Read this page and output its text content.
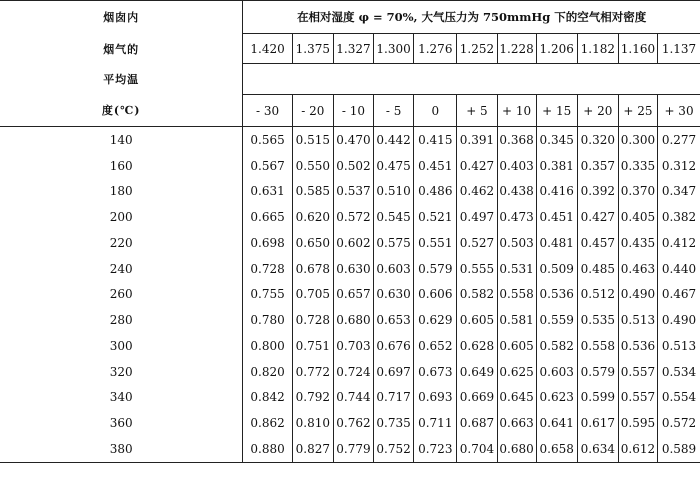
烟囱内	在相对湿度 φ = 70%, 大气压力为 750mmHg 下的空气相对密度										
烟气的	1.420	1.375	1.327	1.300	1.276	1.252	1.228	1.206	1.182	1.160	1.137
平均温											
度(℃)	- 30	- 20	- 10	- 5	0	+ 5	+ 10	+ 15	+ 20	+ 25	+ 30
140	0.565	0.515	0.470	0.442	0.415	0.391	0.368	0.345	0.320	0.300	0.277
160	0.567	0.550	0.502	0.475	0.451	0.427	0.403	0.381	0.357	0.335	0.312
180	0.631	0.585	0.537	0.510	0.486	0.462	0.438	0.416	0.392	0.370	0.347
200	0.665	0.620	0.572	0.545	0.521	0.497	0.473	0.451	0.427	0.405	0.382
220	0.698	0.650	0.602	0.575	0.551	0.527	0.503	0.481	0.457	0.435	0.412
240	0.728	0.678	0.630	0.603	0.579	0.555	0.531	0.509	0.485	0.463	0.440
260	0.755	0.705	0.657	0.630	0.606	0.582	0.558	0.536	0.512	0.490	0.467
280	0.780	0.728	0.680	0.653	0.629	0.605	0.581	0.559	0.535	0.513	0.490
300	0.800	0.751	0.703	0.676	0.652	0.628	0.605	0.582	0.558	0.536	0.513
320	0.820	0.772	0.724	0.697	0.673	0.649	0.625	0.603	0.579	0.557	0.534
340	0.842	0.792	0.744	0.717	0.693	0.669	0.645	0.623	0.599	0.557	0.554
360	0.862	0.810	0.762	0.735	0.711	0.687	0.663	0.641	0.617	0.595	0.572
380	0.880	0.827	0.779	0.752	0.723	0.704	0.680	0.658	0.634	0.612	0.589
